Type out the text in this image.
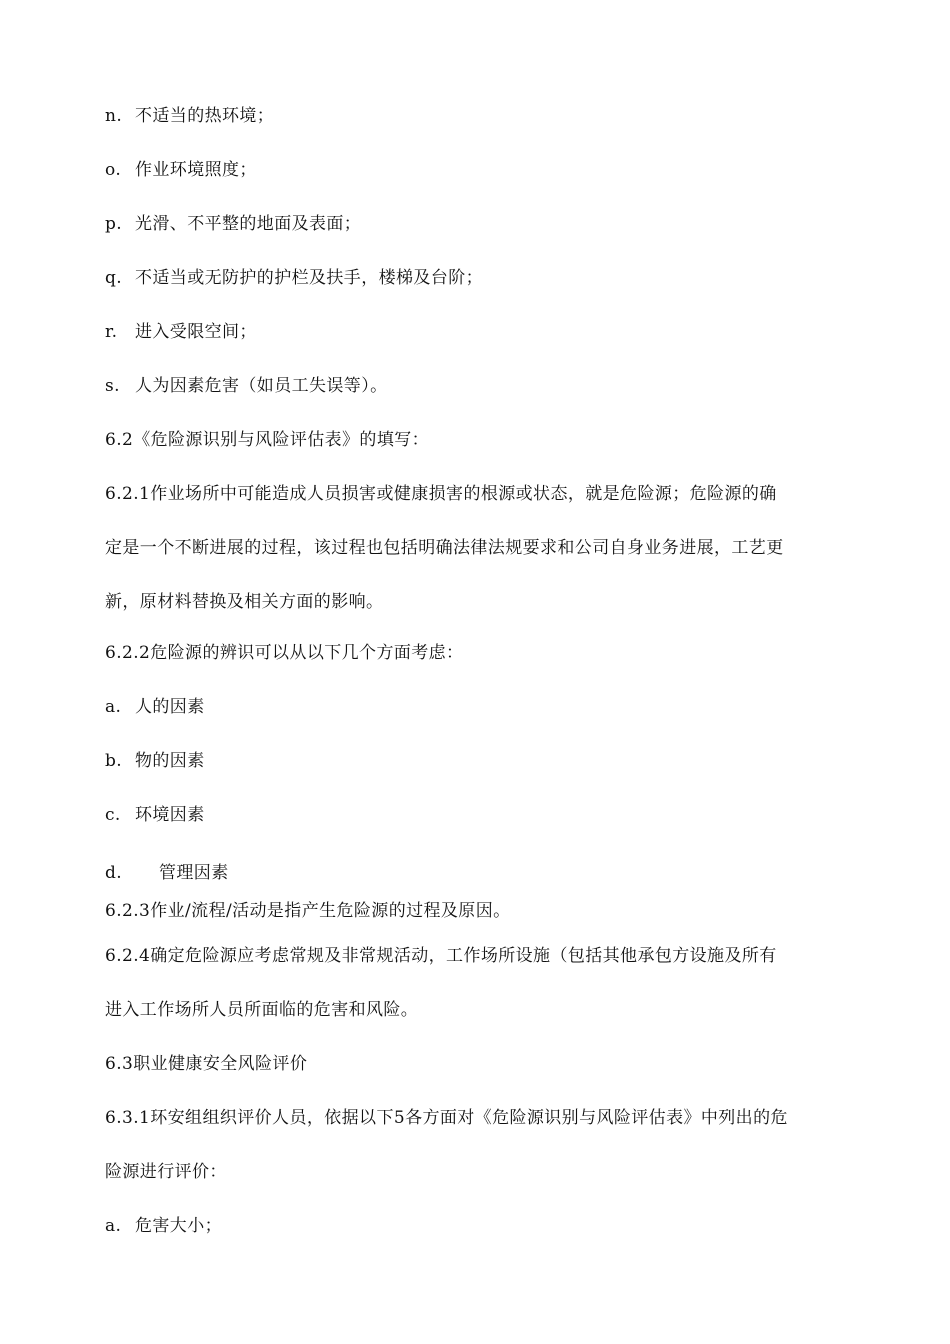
n. 不适当的热环境；
o. 作业环境照度；
p. 光滑、不平整的地面及表面；
q. 不适当或无防护的护栏及扶手，楼梯及台阶；
r. 进入受限空间；
s. 人为因素危害（如员工失误等）。
6.2《危险源识别与风险评估表》的填写：
6.2.1作业场所中可能造成人员损害或健康损害的根源或状态，就是危险源；危险源的确
定是一个不断进展的过程，该过程也包括明确法律法规要求和公司自身业务进展，工艺更
新，原材料替换及相关方面的影响。
6.2.2危险源的辨识可以从以下几个方面考虑：
a. 人的因素
b. 物的因素
c. 环境因素
d. 管理因素
6.2.3作业/流程/活动是指产生危险源的过程及原因。
6.2.4确定危险源应考虑常规及非常规活动，工作场所设施（包括其他承包方设施及所有
进入工作场所人员所面临的危害和风险。
6.3职业健康安全风险评价
6.3.1环安组组织评价人员，依据以下5各方面对《危险源识别与风险评估表》中列出的危
险源进行评价：
a. 危害大小；
